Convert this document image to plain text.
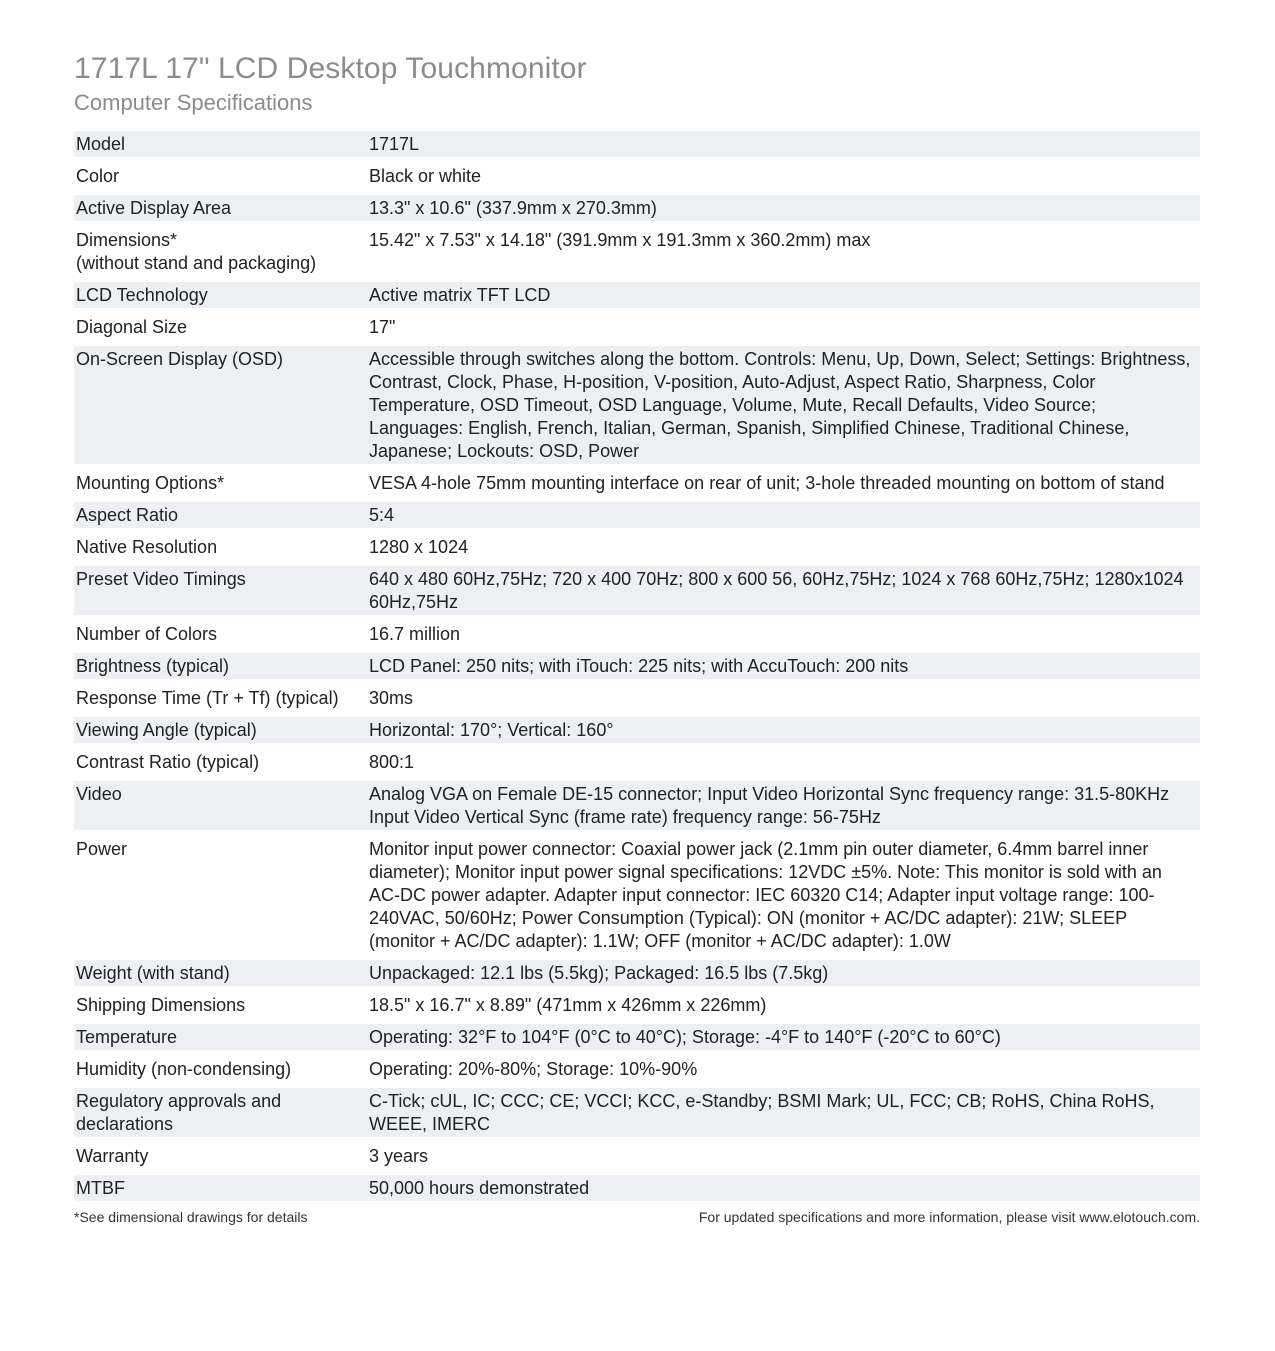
1717L 17" LCD Desktop Touchmonitor
Computer Specifications
Model	1717L

Color	Black or white

Active Display Area	13.3" x 10.6" (337.9mm x 270.3mm)

Dimensions*
(without stand and packaging)	15.42" x 7.53" x 14.18" (391.9mm x 191.3mm x 360.2mm) max

LCD Technology	Active matrix TFT LCD

Diagonal Size	17"

On-Screen Display (OSD)	Accessible through switches along the bottom. Controls: Menu, Up, Down, Select; Settings: Brightness, Contrast, Clock, Phase, H-position, V-position, Auto-Adjust, Aspect Ratio, Sharpness, Color Temperature, OSD Timeout, OSD Language, Volume, Mute, Recall Defaults, Video Source; Languages: English, French, Italian, German, Spanish, Simplified Chinese, Traditional Chinese, Japanese; Lockouts: OSD, Power

Mounting Options*	VESA 4-hole 75mm mounting interface on rear of unit; 3-hole threaded mounting on bottom of stand

Aspect Ratio	5:4

Native Resolution	1280 x 1024

Preset Video Timings	640 x 480 60Hz,75Hz; 720 x 400 70Hz; 800 x 600 56, 60Hz,75Hz; 1024 x 768 60Hz,75Hz; 1280x1024 60Hz,75Hz

Number of Colors	16.7 million

Brightness (typical)	LCD Panel: 250 nits; with iTouch: 225 nits; with AccuTouch: 200 nits

Response Time (Tr + Tf) (typical)	30ms

Viewing Angle (typical)	Horizontal: 170°; Vertical: 160°

Contrast Ratio (typical)	800:1

Video	Analog VGA on Female DE-15 connector; Input Video Horizontal Sync frequency range: 31.5-80KHz Input Video Vertical Sync (frame rate) frequency range: 56-75Hz

Power	Monitor input power connector: Coaxial power jack (2.1mm pin outer diameter, 6.4mm barrel inner diameter); Monitor input power signal specifications: 12VDC ±5%. Note: This monitor is sold with an AC-DC power adapter. Adapter input connector: IEC 60320 C14; Adapter input voltage range: 100-240VAC, 50/60Hz; Power Consumption (Typical): ON (monitor + AC/DC adapter): 21W; SLEEP (monitor + AC/DC adapter): 1.1W; OFF (monitor + AC/DC adapter): 1.0W

Weight (with stand)	Unpackaged: 12.1 lbs (5.5kg); Packaged: 16.5 lbs (7.5kg)

Shipping Dimensions	18.5" x 16.7" x 8.89" (471mm x 426mm x 226mm)

Temperature	Operating: 32°F to 104°F (0°C to 40°C); Storage: -4°F to 140°F (-20°C to 60°C)

Humidity (non-condensing)	Operating: 20%-80%; Storage: 10%-90%

Regulatory approvals and
declarations	C-Tick; cUL, IC; CCC; CE; VCCI; KCC, e-Standby; BSMI Mark; UL, FCC; CB; RoHS, China RoHS, WEEE, IMERC

Warranty	3 years

MTBF	50,000 hours demonstrated
*See dimensional drawings for details	For updated specifications and more information, please visit www.elotouch.com.
